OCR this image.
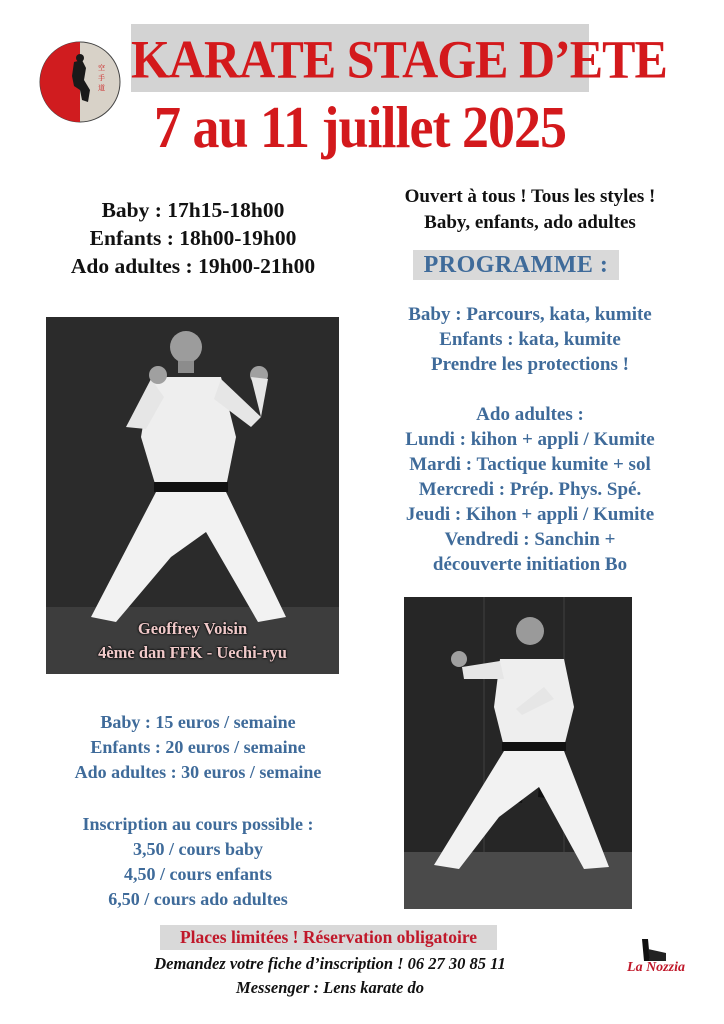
空
手
道 KARATE STAGE D’ETE
7 au 11 juillet 2025
Baby : 17h15-18h00
Enfants : 18h00-19h00
Ado adultes : 19h00-21h00
Ouvert à tous ! Tous les styles !
Baby, enfants, ado adultes
PROGRAMME :
Baby : Parcours, kata, kumite
Enfants : kata, kumite
Prendre les protections !
Ado adultes :
Lundi : kihon + appli / Kumite
Mardi : Tactique kumite + sol
Mercredi : Prép. Phys. Spé.
Jeudi : Kihon + appli / Kumite
Vendredi : Sanchin +
découverte initiation Bo
Geoffrey Voisin
4ème dan FFK - Uechi-ryu
Baby : 15 euros / semaine
Enfants : 20 euros / semaine
Ado adultes : 30 euros / semaine
Inscription au cours possible :
3,50 / cours baby
4,50 / cours enfants
6,50 / cours ado adultes
Places limitées ! Réservation obligatoire
Demandez votre fiche d’inscription ! 06 27 30 85 11
Messenger : Lens karate do
La Nozzia
